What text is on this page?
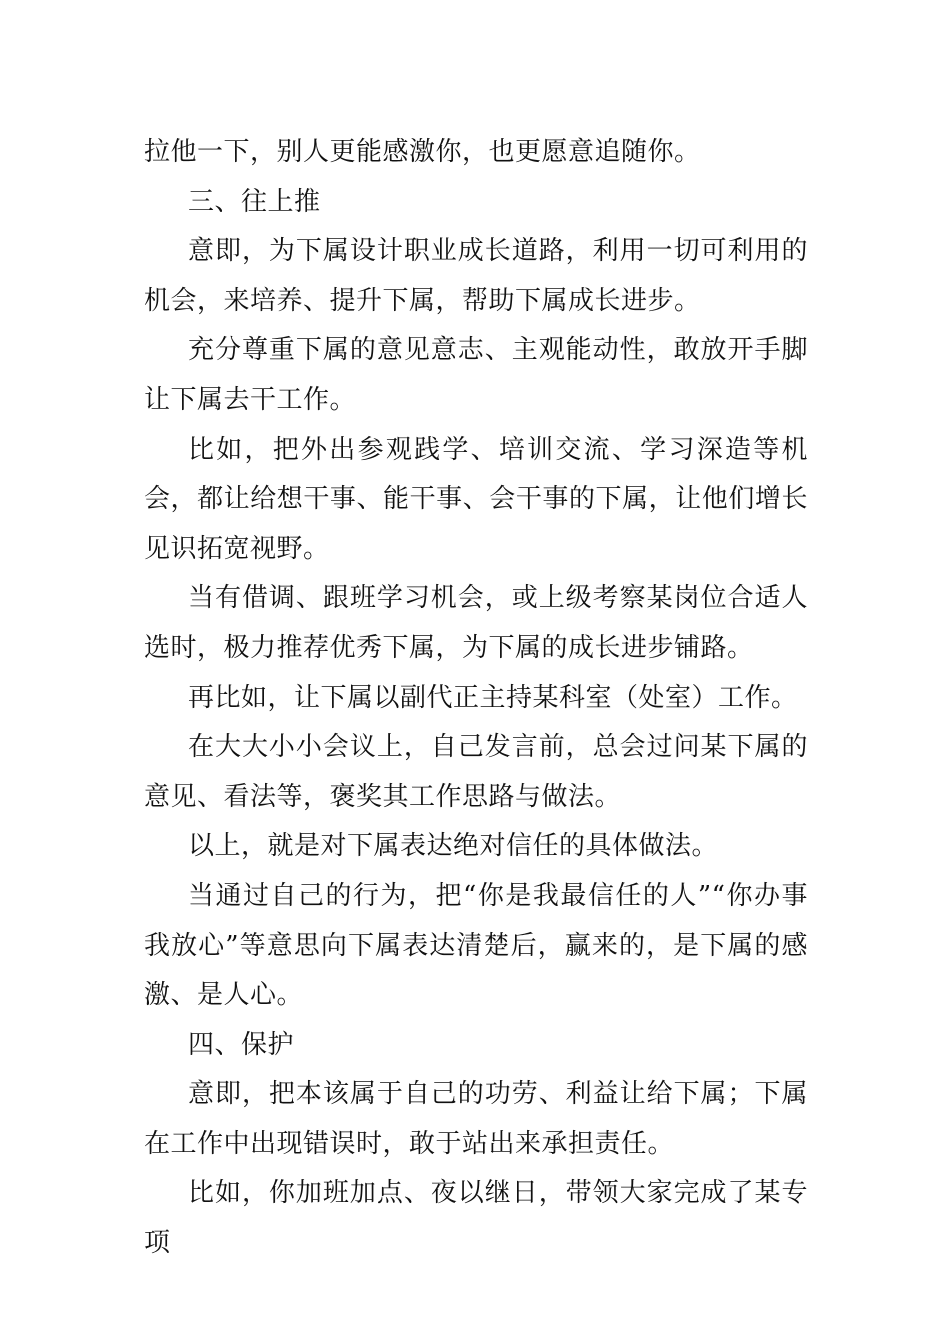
拉他一下，别人更能感激你，也更愿意追随你。

三、往上推

意即，为下属设计职业成长道路，利用一切可利用的机会，来培养、提升下属，帮助下属成长进步。

充分尊重下属的意见意志、主观能动性，敢放开手脚让下属去干工作。

比如，把外出参观践学、培训交流、学习深造等机会，都让给想干事、能干事、会干事的下属，让他们增长见识拓宽视野。

当有借调、跟班学习机会，或上级考察某岗位合适人选时，极力推荐优秀下属，为下属的成长进步铺路。

再比如，让下属以副代正主持某科室（处室）工作。

在大大小小会议上，自己发言前，总会过问某下属的意见、看法等，褒奖其工作思路与做法。

以上，就是对下属表达绝对信任的具体做法。

当通过自己的行为，把“你是我最信任的人”“你办事我放心”等意思向下属表达清楚后，赢来的，是下属的感激、是人心。

四、保护

意即，把本该属于自己的功劳、利益让给下属；下属在工作中出现错误时，敢于站出来承担责任。

比如，你加班加点、夜以继日，带领大家完成了某专项
